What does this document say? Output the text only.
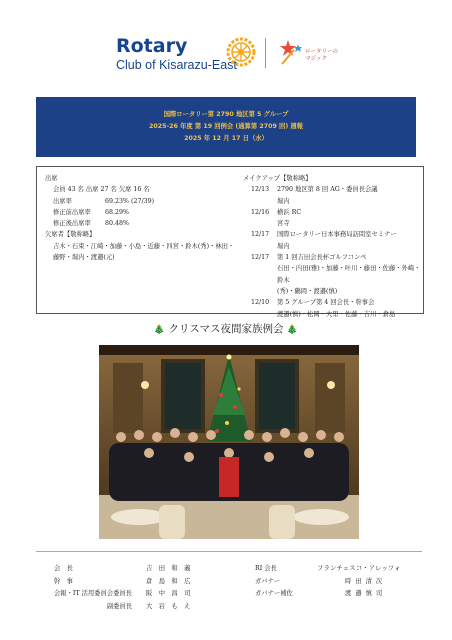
Rotary
Club of Kisarazu-East
ロータリーの
マジック
国際ロータリー第 2790 地区第 5 グループ
2025-26 年度 第 19 回例会 (通算第 2709 回) 週報
2025 年 12 月 17 日（水）
出席
会員 43 名 出席 27 名 欠席 16 名
出席率	69.23% (27/39)
修正前出席率 68.29%
修正後出席率 80.48%
欠席者【敬称略】
吉木・石束・江崎・加藤・小島・近藤・四宮・鈴木(秀)・林田・
藤野・堀内・渡邉(元)
メイクアップ【敬称略】
12/13 2790 地区第 8 回 AG・委員長会議
堀内
12/16 横浜 RC
宮寺
12/17 国際ロータリー日本事務局訪問室セミナー
堀内
12/17 第 1 回吉田会長杯ゴルフコンペ
石田・内田(雅)・加藤・叶川・藤田・佐藤・外崎・鈴木
(秀)・鶴岡・渡邉(慎)
12/10 第 5 グループ第 4 回会長・幹事会
渡邉(慎)・松岡・大里・佐藤・吉川・倉島
🎄 クリスマス夜間家族例会 🎄
会　長	吉 田 和 義
幹　事	倉 島 和 広
会報・IT 活用委員会委員長	阪 中 昌 司
副委員長	大 岩 も え
RI 会長	フランチェスコ・アレッツォ
ガバナー	時 田 清 次
ガバナー補佐	渡 邉 慎 司
